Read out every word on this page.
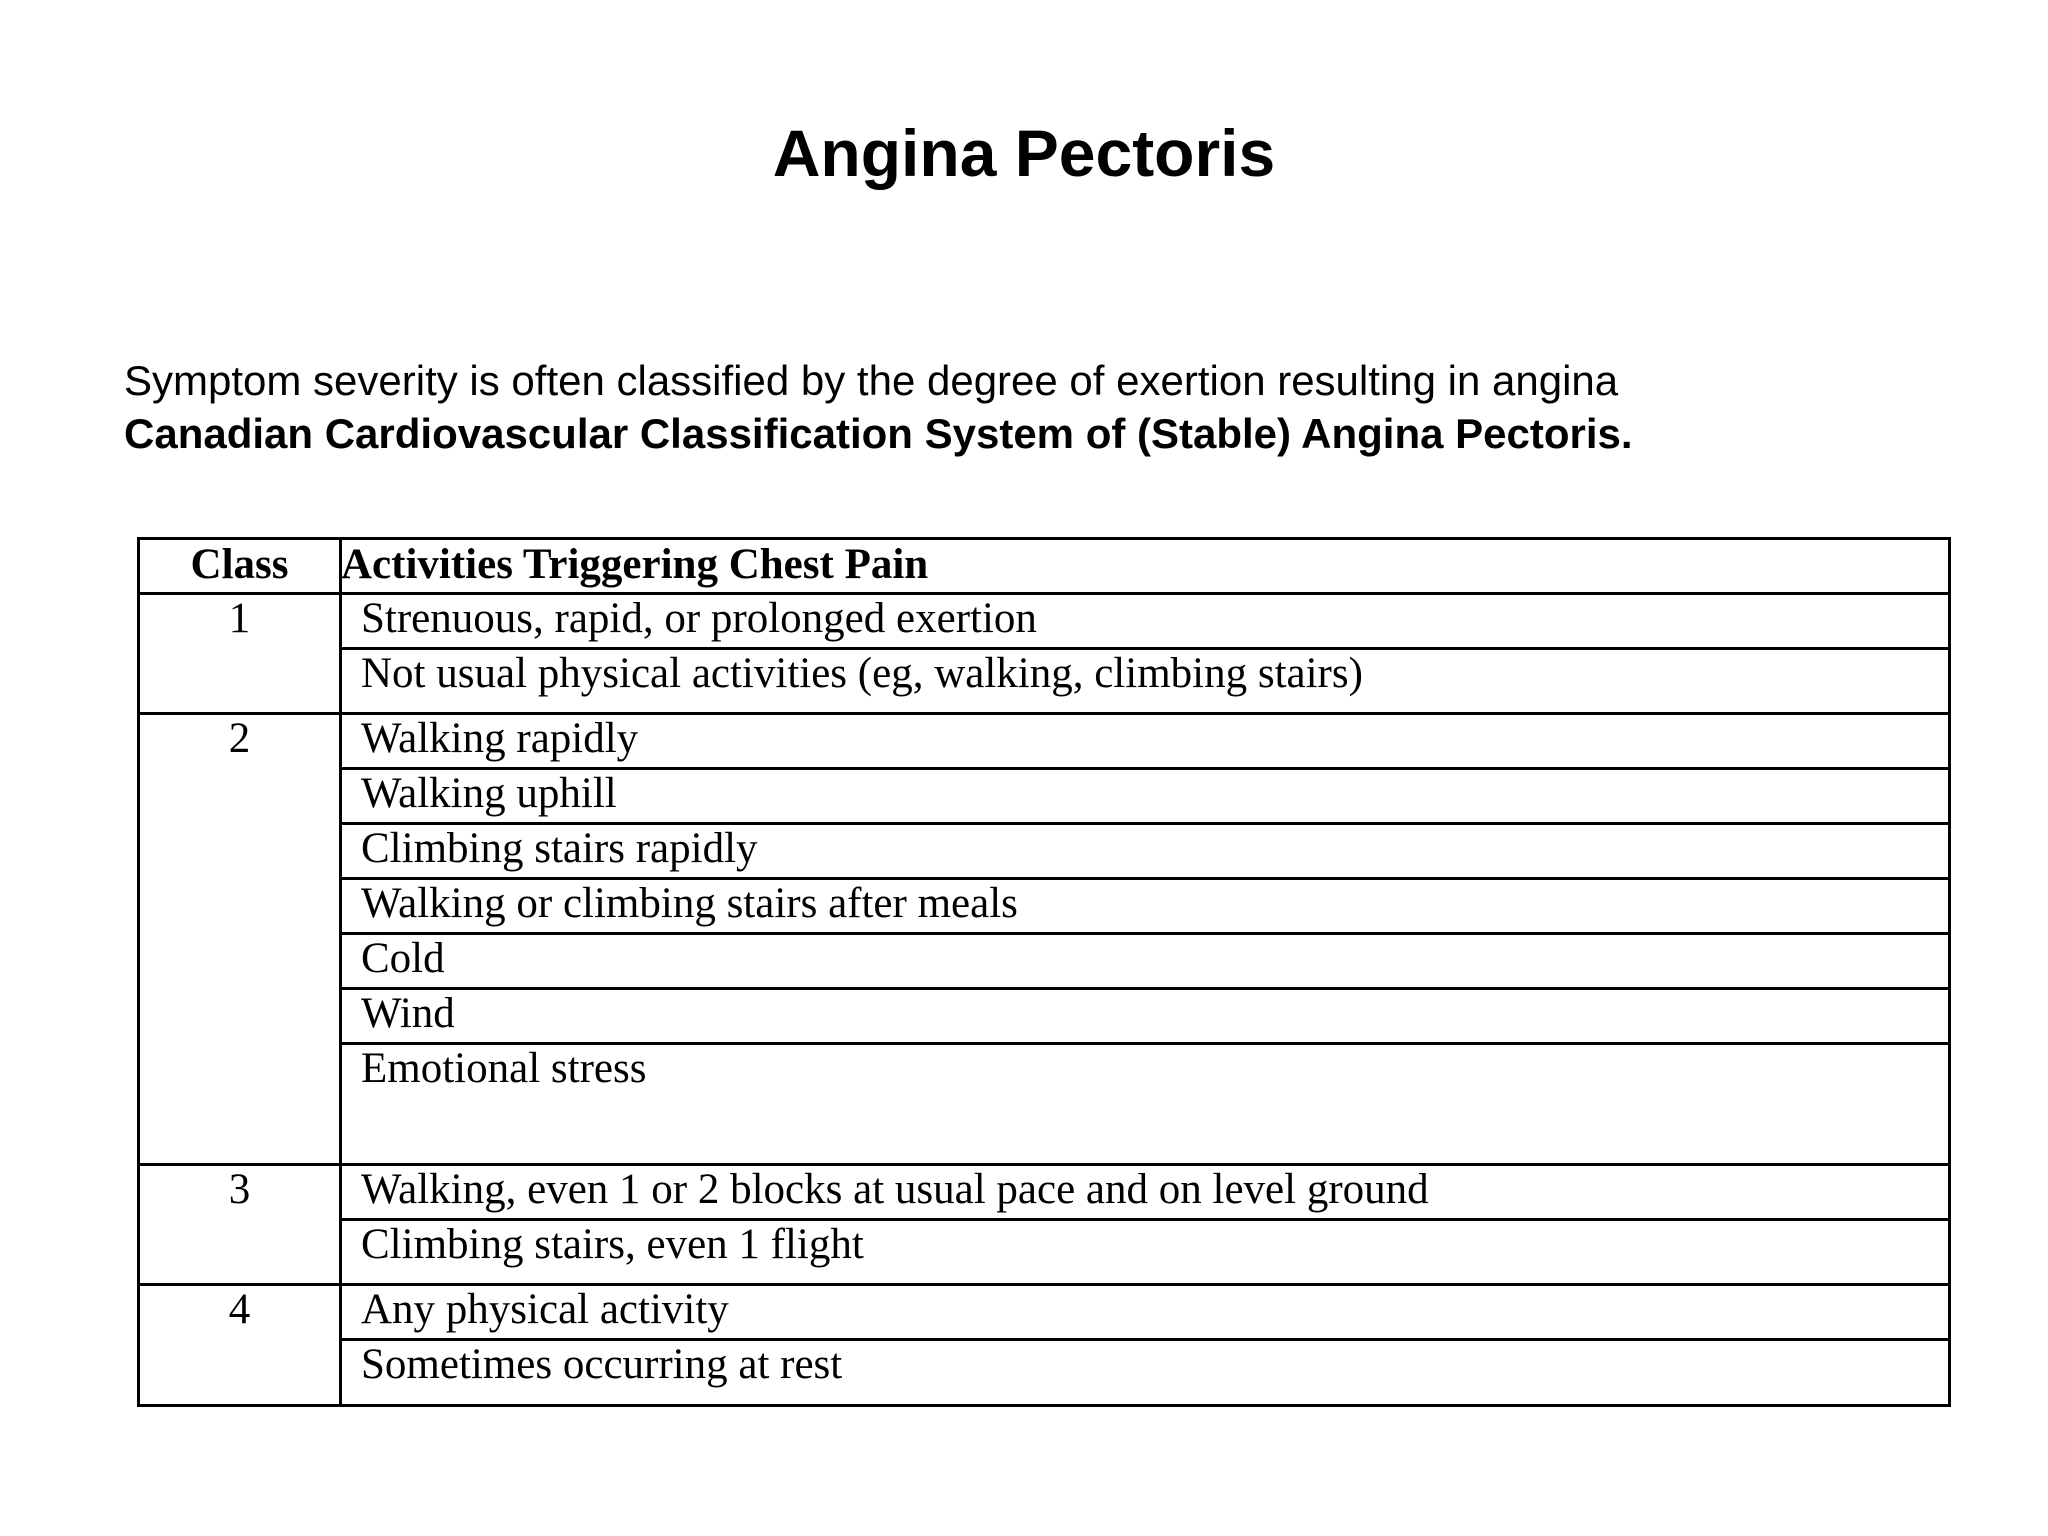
Angina Pectoris
Symptom severity is often classified by the degree of exertion resulting in angina
Canadian Cardiovascular Classification System of (Stable) Angina Pectoris.
Class	Activities Triggering Chest Pain
1	Strenuous, rapid, or prolonged exertion
Not usual physical activities (eg, walking, climbing stairs)
2	Walking rapidly
Walking uphill
Climbing stairs rapidly
Walking or climbing stairs after meals
Cold
Wind
Emotional stress
3	Walking, even 1 or 2 blocks at usual pace and on level ground
Climbing stairs, even 1 flight
4	Any physical activity
Sometimes occurring at rest
